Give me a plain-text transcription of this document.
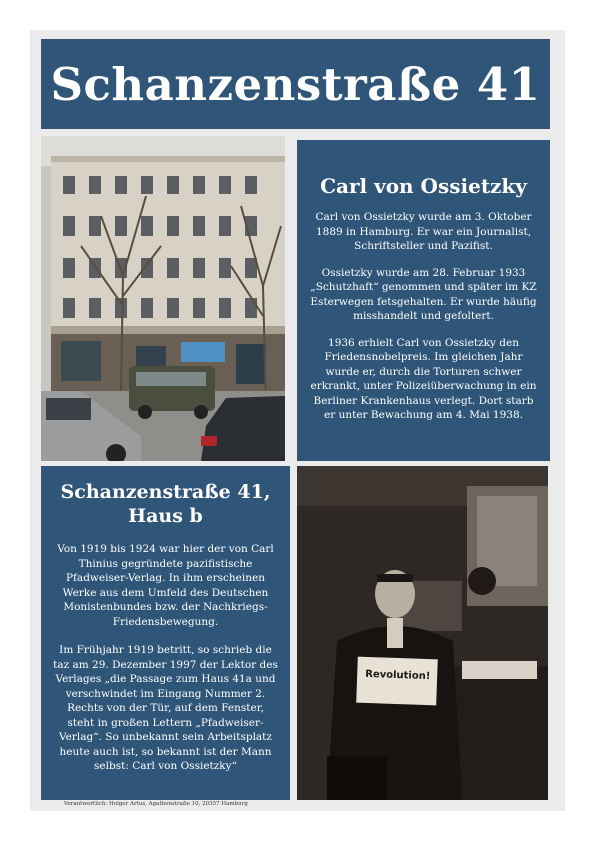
Schanzenstraße 41
Carl von Ossietzky

Carl von Ossietzky wurde am 3. Oktober 1889 in Hamburg. Er war ein Journalist, Schriftsteller und Pazifist.

Ossietzky wurde am 28. Februar 1933 „Schutzhaft“ genommen und später im KZ Esterwegen fetsgehalten. Er wurde häufig misshandelt und gefoltert.

1936 erhielt Carl von Ossietzky den Friedensnobelpreis. Im gleichen Jahr wurde er, durch die Torturen schwer erkrankt, unter Polizeiüberwachung in ein Berliner Krankenhaus verlegt. Dort starb er unter Bewachung am 4. Mai 1938.

Schanzenstraße 41,
Haus b

Von 1919 bis 1924 war hier der von Carl Thinius gegründete pazifistische Pfadweiser-Verlag. In ihm erscheinen Werke aus dem Umfeld des Deutschen Monistenbundes bzw. der Nachkriegs-Friedensbewegung.

Im Frühjahr 1919 betritt, so schrieb die taz am 29. Dezember 1997 der Lektor des Verlages „die Passage zum Haus 41a und verschwindet im Eingang Nummer 2. Rechts von der Tür, auf dem Fenster, steht in großen Lettern „Pfadweiser-Verlag“. So unbekannt sein Arbeitsplatz heute auch ist, so bekannt ist der Mann selbst: Carl von Ossietzky“

Revolution!
Verantwortlich: Holger Artus, Agathenstraße 10, 20357 Hamburg
